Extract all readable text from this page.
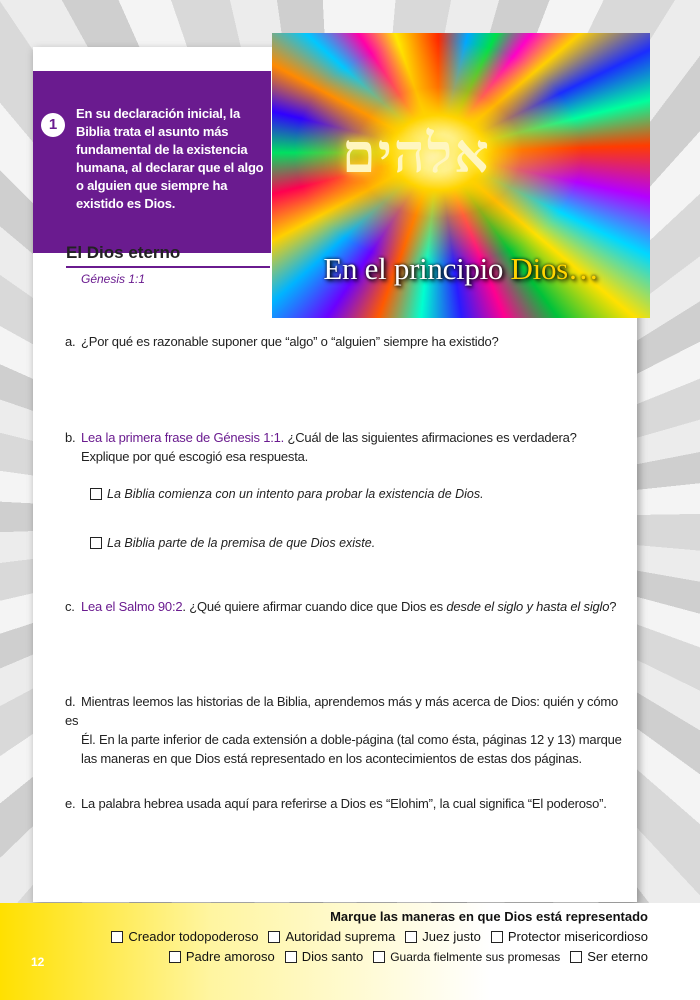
1
En su declaración inicial, la Biblia trata el asunto más fundamental de la existencia humana, al declarar que el algo o alguien que siempre ha existido es Dios.
El Dios eterno
Génesis 1:1
a. ¿Por qué es razonable suponer que “algo” o “alguien” siempre ha existido?
b. Lea la primera frase de Génesis 1:1. ¿Cuál de las siguientes afirmaciones es verdadera?
Explique por qué escogió esa respuesta.
La Biblia comienza con un intento para probar la existencia de Dios.
La Biblia parte de la premisa de que Dios existe.
c. Lea el Salmo 90:2. ¿Qué quiere afirmar cuando dice que Dios es desde el siglo y hasta el siglo?
d. Mientras leemos las historias de la Biblia, aprendemos más y más acerca de Dios: quién y cómo es
Él. En la parte inferior de cada extensión a doble-página (tal como ésta, páginas 12 y 13) marque
las maneras en que Dios está representado en los acontecimientos de estas dos páginas.
e. La palabra hebrea usada aquí para referirse a Dios es “Elohim”, la cual significa “El poderoso”.
אלהים
En el principio Dios…
Marque las maneras en que Dios está representado
Creador todopoderoso Autoridad suprema Juez justo Protector misericordioso
Padre amoroso Dios santo Guarda fielmente sus promesas Ser eterno
12
